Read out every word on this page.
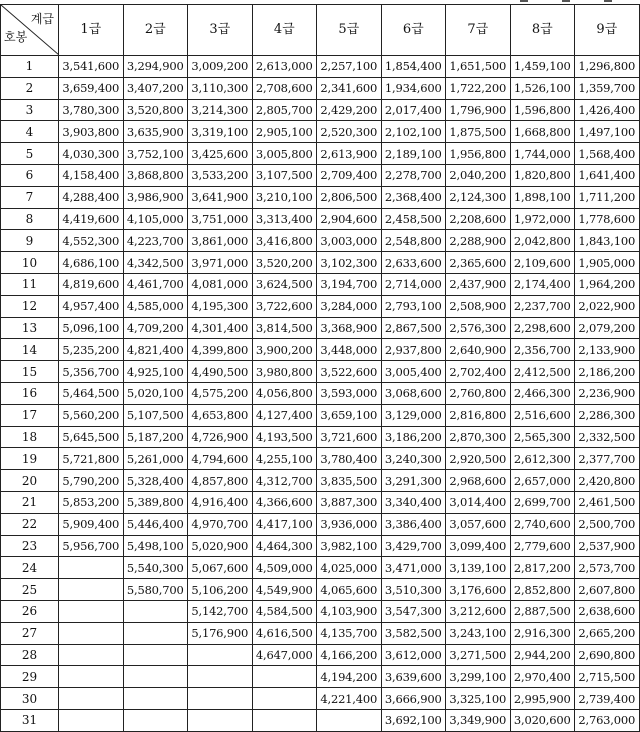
계급
호봉	1급	2급	3급	4급	5급	6급	7급	8급	9급
1	3,541,600	3,294,900	3,009,200	2,613,000	2,257,100	1,854,400	1,651,500	1,459,100	1,296,800
2	3,659,400	3,407,200	3,110,300	2,708,600	2,341,600	1,934,600	1,722,200	1,526,100	1,359,700
3	3,780,300	3,520,800	3,214,300	2,805,700	2,429,200	2,017,400	1,796,900	1,596,800	1,426,400
4	3,903,800	3,635,900	3,319,100	2,905,100	2,520,300	2,102,100	1,875,500	1,668,800	1,497,100
5	4,030,300	3,752,100	3,425,600	3,005,800	2,613,900	2,189,100	1,956,800	1,744,000	1,568,400
6	4,158,400	3,868,800	3,533,200	3,107,500	2,709,400	2,278,700	2,040,200	1,820,800	1,641,400
7	4,288,400	3,986,900	3,641,900	3,210,100	2,806,500	2,368,400	2,124,300	1,898,100	1,711,200
8	4,419,600	4,105,000	3,751,000	3,313,400	2,904,600	2,458,500	2,208,600	1,972,000	1,778,600
9	4,552,300	4,223,700	3,861,000	3,416,800	3,003,000	2,548,800	2,288,900	2,042,800	1,843,100
10	4,686,100	4,342,500	3,971,000	3,520,200	3,102,300	2,633,600	2,365,600	2,109,600	1,905,000
11	4,819,600	4,461,700	4,081,000	3,624,500	3,194,700	2,714,000	2,437,900	2,174,400	1,964,200
12	4,957,400	4,585,000	4,195,300	3,722,600	3,284,000	2,793,100	2,508,900	2,237,700	2,022,900
13	5,096,100	4,709,200	4,301,400	3,814,500	3,368,900	2,867,500	2,576,300	2,298,600	2,079,200
14	5,235,200	4,821,400	4,399,800	3,900,200	3,448,000	2,937,800	2,640,900	2,356,700	2,133,900
15	5,356,700	4,925,100	4,490,500	3,980,800	3,522,600	3,005,400	2,702,400	2,412,500	2,186,200
16	5,464,500	5,020,100	4,575,200	4,056,800	3,593,000	3,068,600	2,760,800	2,466,300	2,236,900
17	5,560,200	5,107,500	4,653,800	4,127,400	3,659,100	3,129,000	2,816,800	2,516,600	2,286,300
18	5,645,500	5,187,200	4,726,900	4,193,500	3,721,600	3,186,200	2,870,300	2,565,300	2,332,500
19	5,721,800	5,261,000	4,794,600	4,255,100	3,780,400	3,240,300	2,920,500	2,612,300	2,377,700
20	5,790,200	5,328,400	4,857,800	4,312,700	3,835,500	3,291,300	2,968,600	2,657,000	2,420,800
21	5,853,200	5,389,800	4,916,400	4,366,600	3,887,300	3,340,400	3,014,400	2,699,700	2,461,500
22	5,909,400	5,446,400	4,970,700	4,417,100	3,936,000	3,386,400	3,057,600	2,740,600	2,500,700
23	5,956,700	5,498,100	5,020,900	4,464,300	3,982,100	3,429,700	3,099,400	2,779,600	2,537,900
24		5,540,300	5,067,600	4,509,000	4,025,000	3,471,000	3,139,100	2,817,200	2,573,700
25		5,580,700	5,106,200	4,549,900	4,065,600	3,510,300	3,176,600	2,852,800	2,607,800
26			5,142,700	4,584,500	4,103,900	3,547,300	3,212,600	2,887,500	2,638,600
27			5,176,900	4,616,500	4,135,700	3,582,500	3,243,100	2,916,300	2,665,200
28				4,647,000	4,166,200	3,612,000	3,271,500	2,944,200	2,690,800
29					4,194,200	3,639,600	3,299,100	2,970,400	2,715,500
30					4,221,400	3,666,900	3,325,100	2,995,900	2,739,400
31						3,692,100	3,349,900	3,020,600	2,763,000
